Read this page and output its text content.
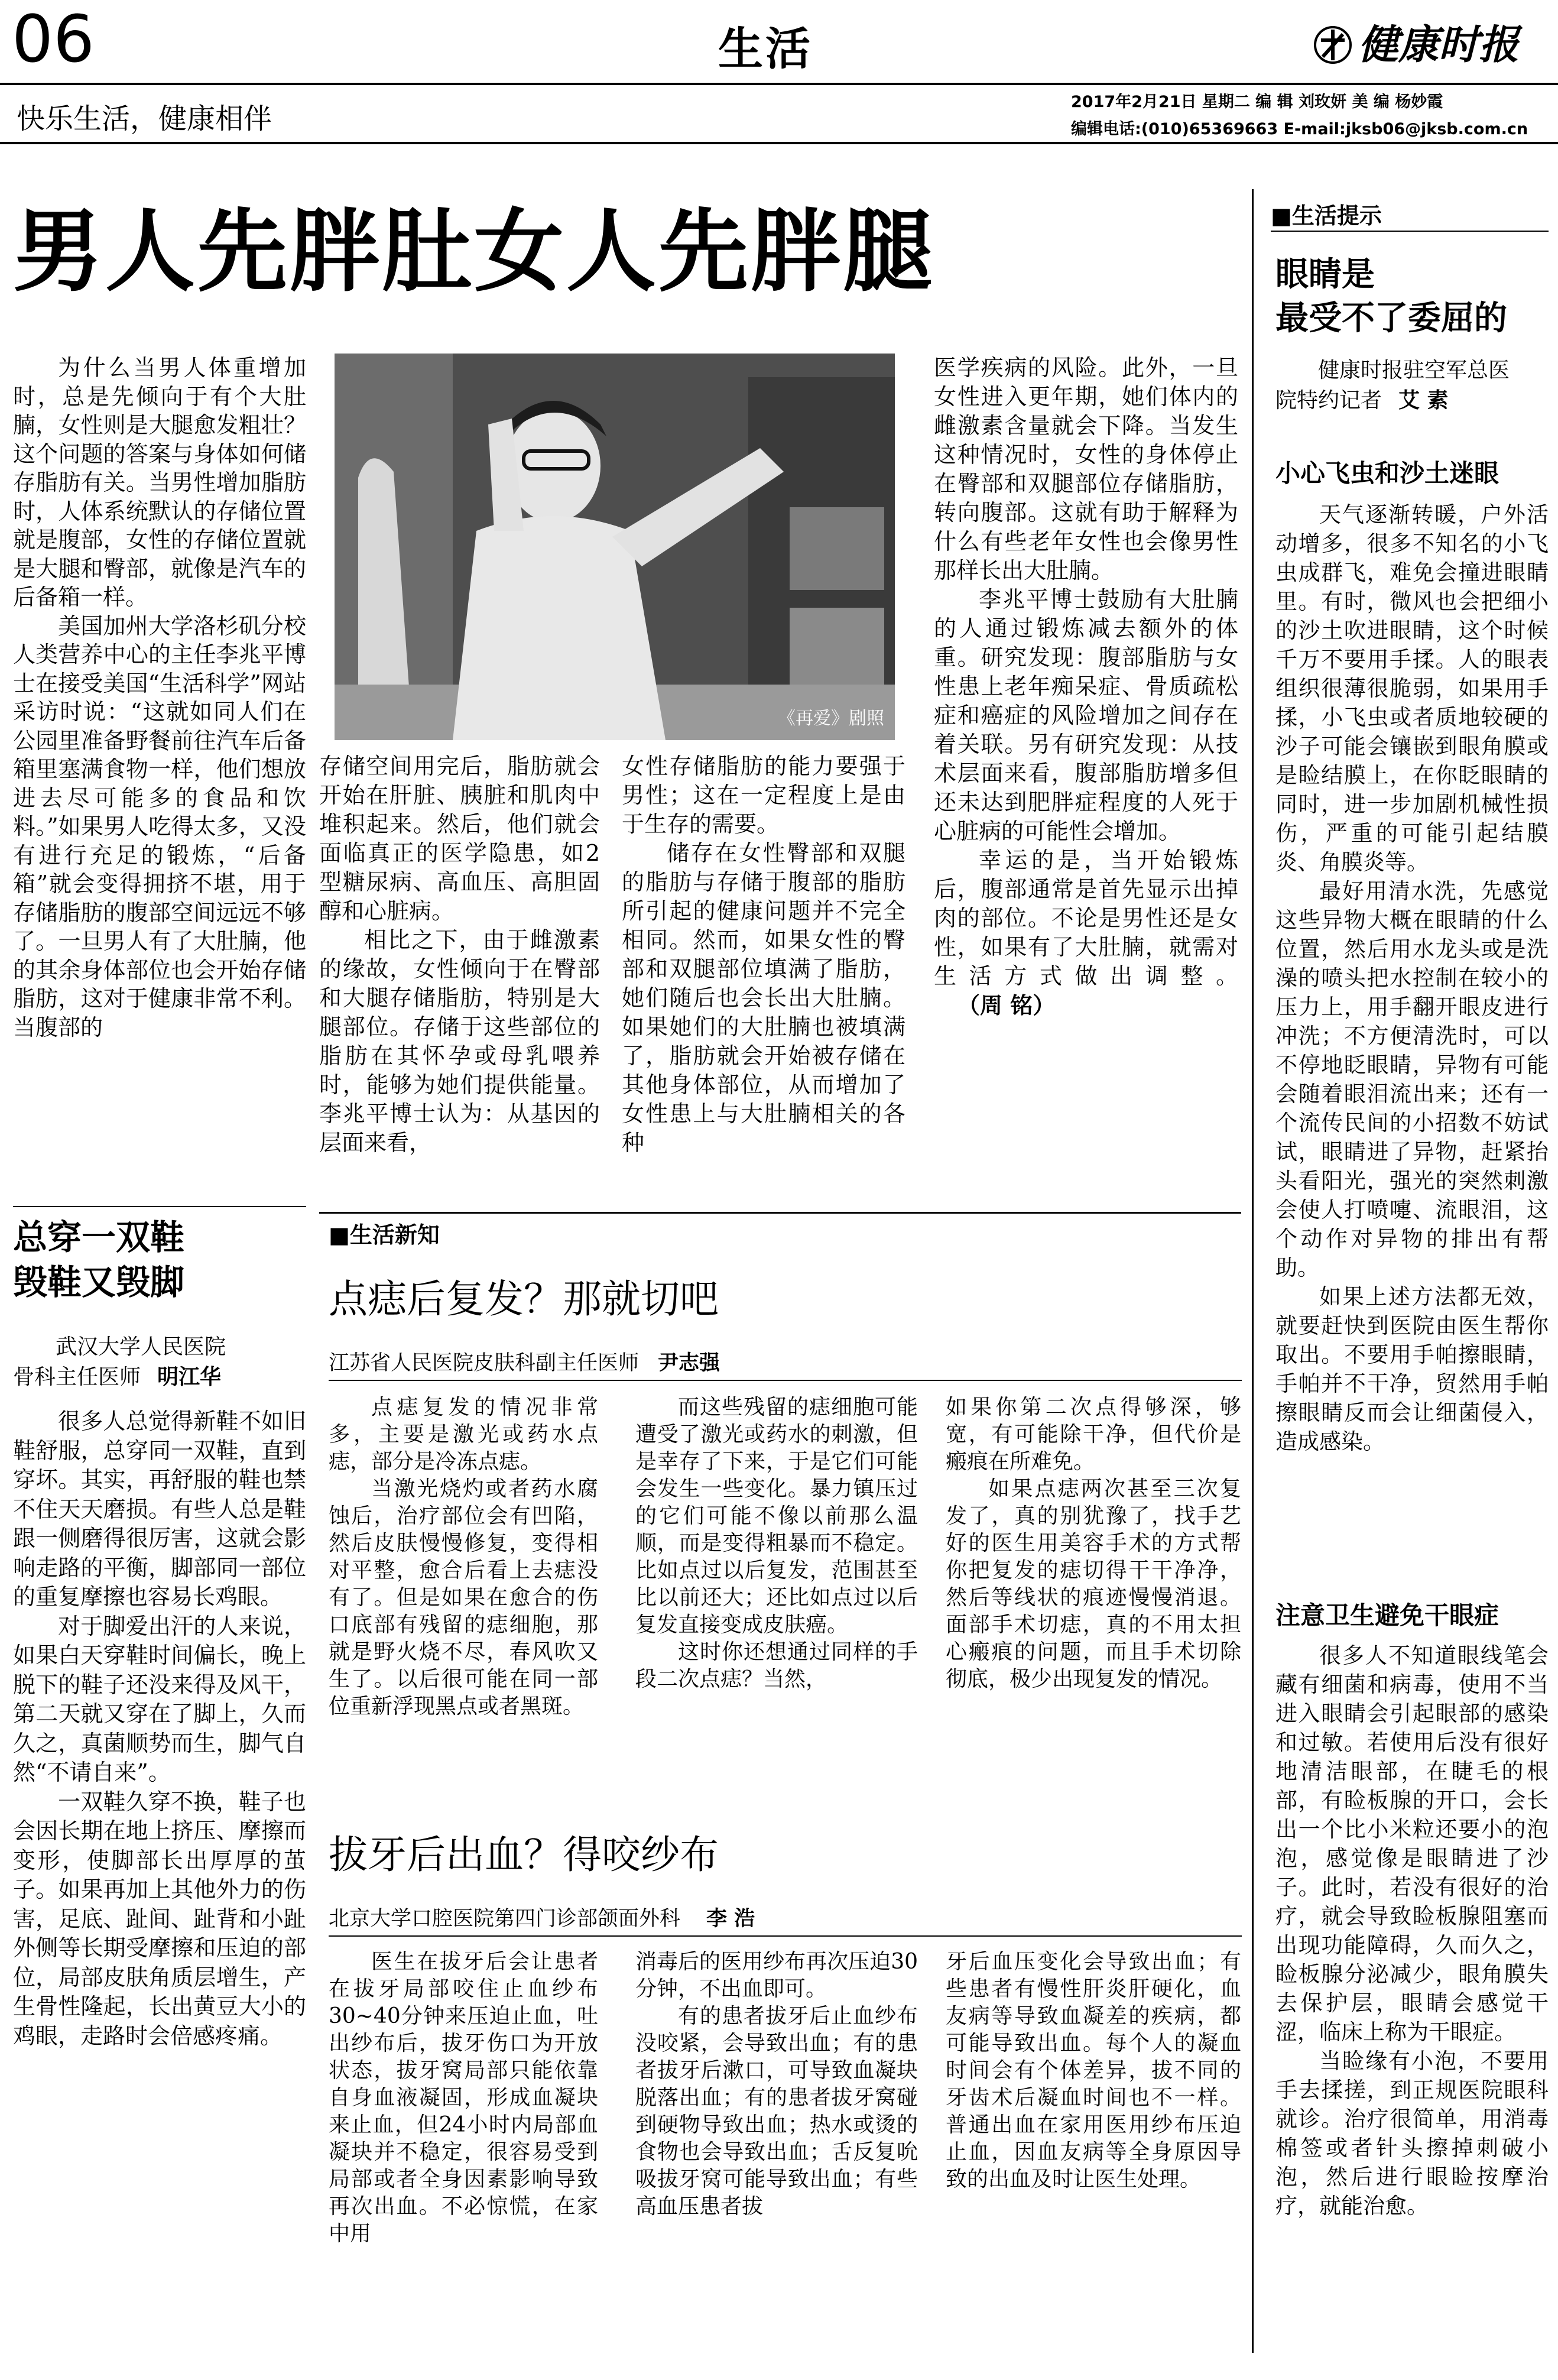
06	生活	健康时报
快乐生活，健康相伴
2017年2月21日 星期二 编 辑 刘玫妍 美 编 杨妙霞
编辑电话:(010)65369663 E-mail:jksb06@jksb.com.cn
男人先胖肚女人先胖腿
《再爱》剧照

为什么当男人体重增加时，总是先倾向于有个大肚腩，女性则是大腿愈发粗壮？这个问题的答案与身体如何储存脂肪有关。当男性增加脂肪时，人体系统默认的存储位置就是腹部，女性的存储位置就是大腿和臀部，就像是汽车的后备箱一样。

美国加州大学洛杉矶分校人类营养中心的主任李兆平博士在接受美国“生活科学”网站采访时说：“这就如同人们在公园里准备野餐前往汽车后备箱里塞满食物一样，他们想放进去尽可能多的食品和饮料。”如果男人吃得太多，又没有进行充足的锻炼，“后备箱”就会变得拥挤不堪，用于存储脂肪的腹部空间远远不够了。一旦男人有了大肚腩，他的其余身体部位也会开始存储脂肪，这对于健康非常不利。当腹部的

存储空间用完后，脂肪就会开始在肝脏、胰脏和肌肉中堆积起来。然后，他们就会面临真正的医学隐患，如2型糖尿病、高血压、高胆固醇和心脏病。

相比之下，由于雌激素的缘故，女性倾向于在臀部和大腿存储脂肪，特别是大腿部位。存储于这些部位的脂肪在其怀孕或母乳喂养时，能够为她们提供能量。李兆平博士认为：从基因的层面来看，

女性存储脂肪的能力要强于男性；这在一定程度上是由于生存的需要。

储存在女性臀部和双腿的脂肪与存储于腹部的脂肪所引起的健康问题并不完全相同。然而，如果女性的臀部和双腿部位填满了脂肪，她们随后也会长出大肚腩。如果她们的大肚腩也被填满了，脂肪就会开始被存储在其他身体部位，从而增加了女性患上与大肚腩相关的各种

医学疾病的风险。此外，一旦女性进入更年期，她们体内的雌激素含量就会下降。当发生这种情况时，女性的身体停止在臀部和双腿部位存储脂肪，转向腹部。这就有助于解释为什么有些老年女性也会像男性那样长出大肚腩。

李兆平博士鼓励有大肚腩的人通过锻炼减去额外的体重。研究发现：腹部脂肪与女性患上老年痴呆症、骨质疏松症和癌症的风险增加之间存在着关联。另有研究发现：从技术层面来看，腹部脂肪增多但还未达到肥胖症程度的人死于心脏病的可能性会增加。

幸运的是，当开始锻炼后，腹部通常是首先显示出掉肉的部位。不论是男性还是女性，如果有了大肚腩，就需对生活方式做出调整。（周 铭）

总穿一双鞋
毁鞋又毁脚

武汉大学人民医院

骨科主任医师 明江华

很多人总觉得新鞋不如旧鞋舒服，总穿同一双鞋，直到穿坏。其实，再舒服的鞋也禁不住天天磨损。有些人总是鞋跟一侧磨得很厉害，这就会影响走路的平衡，脚部同一部位的重复摩擦也容易长鸡眼。

对于脚爱出汗的人来说，如果白天穿鞋时间偏长，晚上脱下的鞋子还没来得及风干，第二天就又穿在了脚上，久而久之，真菌顺势而生，脚气自然“不请自来”。

一双鞋久穿不换，鞋子也会因长期在地上挤压、摩擦而变形，使脚部长出厚厚的茧子。如果再加上其他外力的伤害，足底、趾间、趾背和小趾外侧等长期受摩擦和压迫的部位，局部皮肤角质层增生，产生骨性隆起，长出黄豆大小的鸡眼，走路时会倍感疼痛。

■生活新知
点痣后复发？那就切吧
江苏省人民医院皮肤科副主任医师 尹志强

点痣复发的情况非常多，主要是激光或药水点痣，部分是冷冻点痣。

当激光烧灼或者药水腐蚀后，治疗部位会有凹陷，然后皮肤慢慢修复，变得相对平整，愈合后看上去痣没有了。但是如果在愈合的伤口底部有残留的痣细胞，那就是野火烧不尽，春风吹又生了。以后很可能在同一部位重新浮现黑点或者黑斑。

而这些残留的痣细胞可能遭受了激光或药水的刺激，但是幸存了下来，于是它们可能会发生一些变化。暴力镇压过的它们可能不像以前那么温顺，而是变得粗暴而不稳定。比如点过以后复发，范围甚至比以前还大；还比如点过以后复发直接变成皮肤癌。

这时你还想通过同样的手段二次点痣？当然，

如果你第二次点得够深，够宽，有可能除干净，但代价是瘢痕在所难免。

如果点痣两次甚至三次复发了，真的别犹豫了，找手艺好的医生用美容手术的方式帮你把复发的痣切得干干净净，然后等线状的痕迹慢慢消退。面部手术切痣，真的不用太担心瘢痕的问题，而且手术切除彻底，极少出现复发的情况。

拔牙后出血？得咬纱布
北京大学口腔医院第四门诊部颌面外科 李 浩

医生在拔牙后会让患者在拔牙局部咬住止血纱布30~40分钟来压迫止血，吐出纱布后，拔牙伤口为开放状态，拔牙窝局部只能依靠自身血液凝固，形成血凝块来止血，但24小时内局部血凝块并不稳定，很容易受到局部或者全身因素影响导致再次出血。不必惊慌，在家中用

消毒后的医用纱布再次压迫30分钟，不出血即可。

有的患者拔牙后止血纱布没咬紧，会导致出血；有的患者拔牙后漱口，可导致血凝块脱落出血；有的患者拔牙窝碰到硬物导致出血；热水或烫的食物也会导致出血；舌反复吮吸拔牙窝可能导致出血；有些高血压患者拔

牙后血压变化会导致出血；有些患者有慢性肝炎肝硬化，血友病等导致血凝差的疾病，都可能导致出血。每个人的凝血时间会有个体差异，拔不同的牙齿术后凝血时间也不一样。普通出血在家用医用纱布压迫止血，因血友病等全身原因导致的出血及时让医生处理。

■生活提示
眼睛是
最受不了委屈的

健康时报驻空军总医

院特约记者 艾 素

小心飞虫和沙土迷眼

天气逐渐转暖，户外活动增多，很多不知名的小飞虫成群飞，难免会撞进眼睛里。有时，微风也会把细小的沙土吹进眼睛，这个时候千万不要用手揉。人的眼表组织很薄很脆弱，如果用手揉，小飞虫或者质地较硬的沙子可能会镶嵌到眼角膜或是睑结膜上，在你眨眼睛的同时，进一步加剧机械性损伤，严重的可能引起结膜炎、角膜炎等。

最好用清水洗，先感觉这些异物大概在眼睛的什么位置，然后用水龙头或是洗澡的喷头把水控制在较小的压力上，用手翻开眼皮进行冲洗；不方便清洗时，可以不停地眨眼睛，异物有可能会随着眼泪流出来；还有一个流传民间的小招数不妨试试，眼睛进了异物，赶紧抬头看阳光，强光的突然刺激会使人打喷嚏、流眼泪，这个动作对异物的排出有帮助。

如果上述方法都无效，就要赶快到医院由医生帮你取出。不要用手帕擦眼睛，手帕并不干净，贸然用手帕擦眼睛反而会让细菌侵入，造成感染。

注意卫生避免干眼症

很多人不知道眼线笔会藏有细菌和病毒，使用不当进入眼睛会引起眼部的感染和过敏。若使用后没有很好地清洁眼部，在睫毛的根部，有睑板腺的开口，会长出一个比小米粒还要小的泡泡，感觉像是眼睛进了沙子。此时，若没有很好的治疗，就会导致睑板腺阻塞而出现功能障碍，久而久之，睑板腺分泌减少，眼角膜失去保护层，眼睛会感觉干涩，临床上称为干眼症。

当睑缘有小泡，不要用手去揉搓，到正规医院眼科就诊。治疗很简单，用消毒棉签或者针头擦掉刺破小泡，然后进行眼睑按摩治疗，就能治愈。
